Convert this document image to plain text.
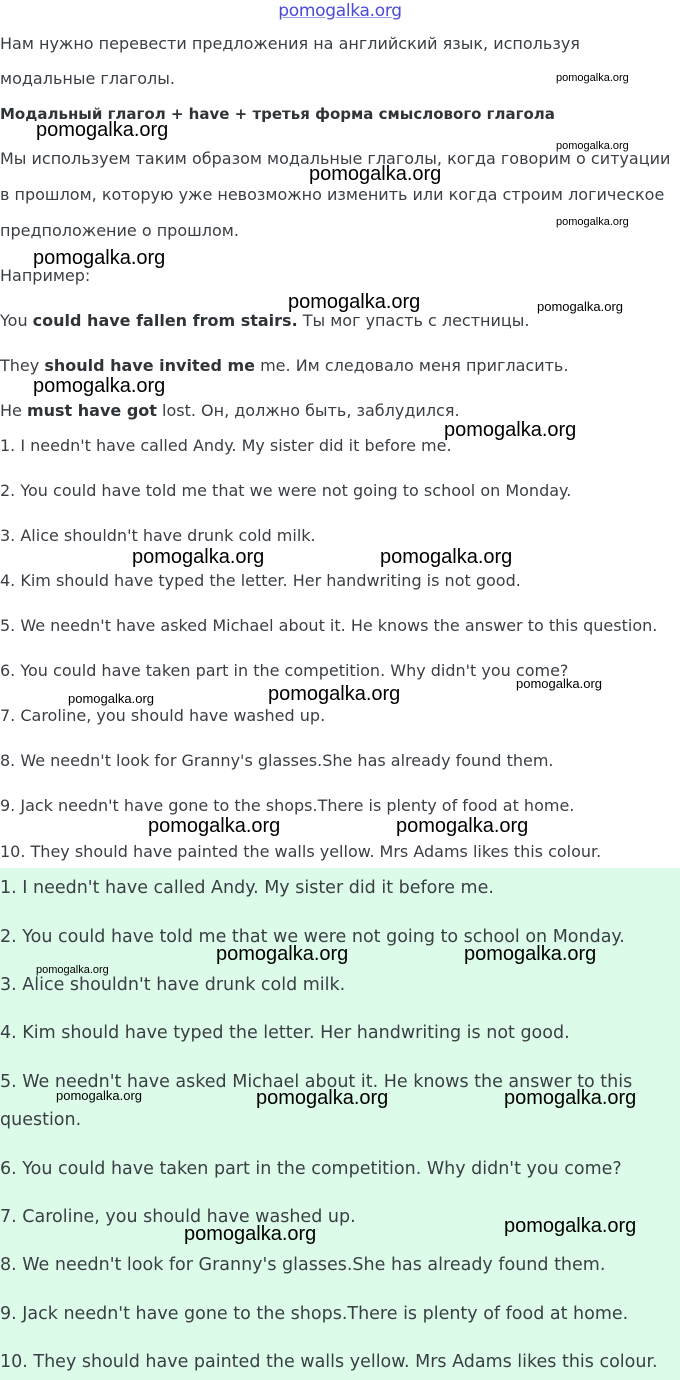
pomogalka.org
Нам нужно перевести предложения на английский язык, используя
модальные глаголы.
Модальный глагол + have + третья форма смыслового глагола
Мы используем таким образом модальные глаголы, когда говорим о ситуации
в прошлом, которую уже невозможно изменить или когда строим логическое
предположение о прошлом.
Например:
You could have fallen from stairs. Ты мог упасть с лестницы.
They should have invited me me. Им следовало меня пригласить.
He must have got lost. Он, должно быть, заблудился.
1. I needn't have called Andy. My sister did it before me.
2. You could have told me that we were not going to school on Monday.
3. Alice shouldn't have drunk cold milk.
4. Kim should have typed the letter. Her handwriting is not good.
5. We needn't have asked Michael about it. He knows the answer to this question.
6. You could have taken part in the competition. Why didn't you come?
7. Caroline, you should have washed up.
8. We needn't look for Granny's glasses.She has already found them.
9. Jack needn't have gone to the shops.There is plenty of food at home.
10. They should have painted the walls yellow. Mrs Adams likes this colour.
1. I needn't have called Andy. My sister did it before me.
2. You could have told me that we were not going to school on Monday.
3. Alice shouldn't have drunk cold milk.
4. Kim should have typed the letter. Her handwriting is not good.
5. We needn't have asked Michael about it. He knows the answer to this
question.
6. You could have taken part in the competition. Why didn't you come?
7. Caroline, you should have washed up.
8. We needn't look for Granny's glasses.She has already found them.
9. Jack needn't have gone to the shops.There is plenty of food at home.
10. They should have painted the walls yellow. Mrs Adams likes this colour.
pomogalka.org
pomogalka.org
pomogalka.org
pomogalka.org
pomogalka.org
pomogalka.org
pomogalka.org	pomogalka.org
pomogalka.org
pomogalka.org
pomogalka.org	pomogalka.org
pomogalka.org
pomogalka.org	pomogalka.org
pomogalka.org	pomogalka.org
pomogalka.org	pomogalka.org
pomogalka.org
pomogalka.org	pomogalka.org	pomogalka.org
pomogalka.org
pomogalka.org
